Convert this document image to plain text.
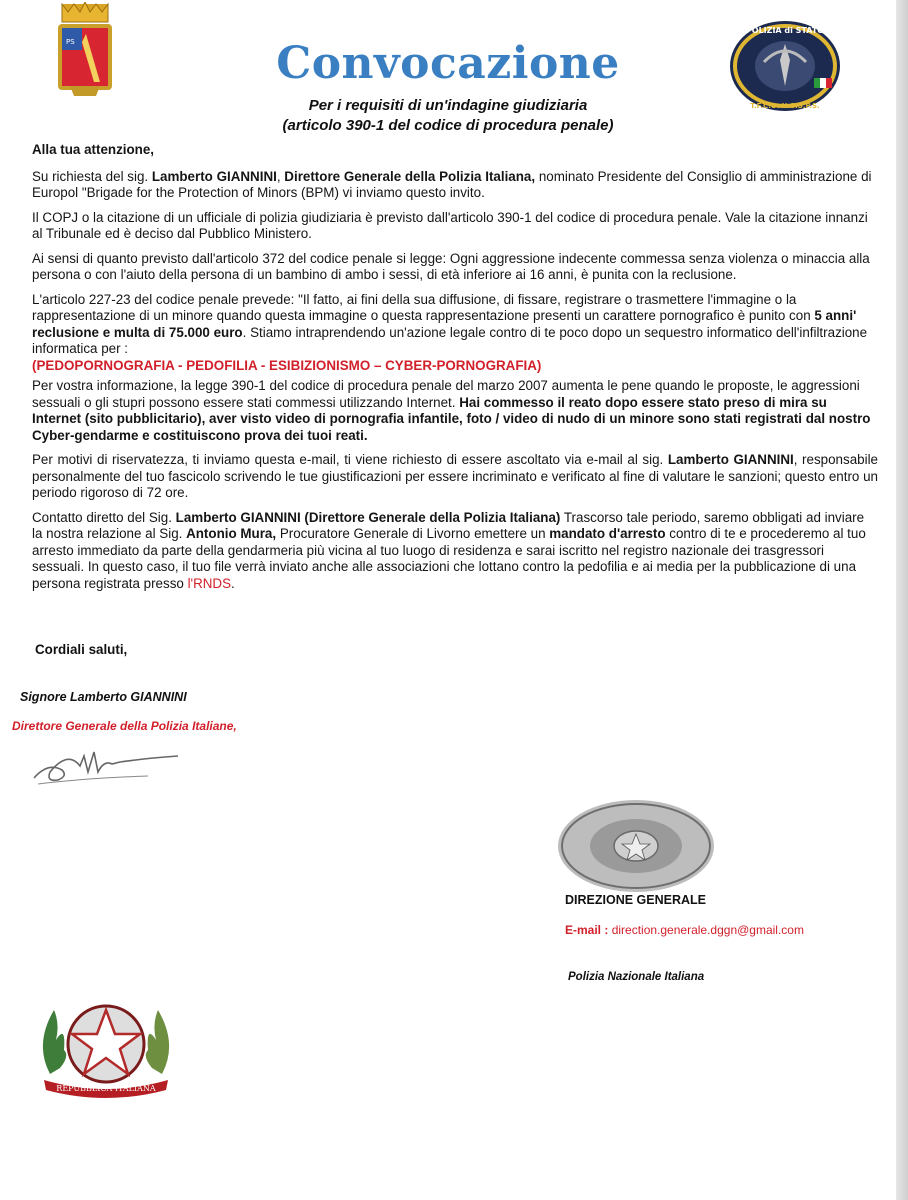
PS	Convocazione
Per i requisiti di un'indagine giudiziaria
(articolo 390-1 del codice di procedura penale)
POLIZIA di STATO
T.F.C.O. U.S.S.P.S.

Alla tua attenzione,

Su richiesta del sig. Lamberto GIANNINI, Direttore Generale della Polizia Italiana, nominato Presidente del Consiglio di amministrazione di Europol "Brigade for the Protection of Minors (BPM) vi inviamo questo invito.

Il COPJ o la citazione di un ufficiale di polizia giudiziaria è previsto dall'articolo 390-1 del codice di procedura penale. Vale la citazione innanzi al Tribunale ed è deciso dal Pubblico Ministero.

Ai sensi di quanto previsto dall'articolo 372 del codice penale si legge: Ogni aggressione indecente commessa senza violenza o minaccia alla persona o con l'aiuto della persona di un bambino di ambo i sessi, di età inferiore ai 16 anni, è punita con la reclusione.

L'articolo 227-23 del codice penale prevede: "Il fatto, ai fini della sua diffusione, di fissare, registrare o trasmettere l'immagine o la rappresentazione di un minore quando questa immagine o questa rappresentazione presenti un carattere pornografico è punito con 5 anni' reclusione e multa di 75.000 euro. Stiamo intraprendendo un'azione legale contro di te poco dopo un sequestro informatico dell'infiltrazione informatica per :
(PEDOPORNOGRAFIA - PEDOFILIA - ESIBIZIONISMO – CYBER-PORNOGRAFIA)

Per vostra informazione, la legge 390-1 del codice di procedura penale del marzo 2007 aumenta le pene quando le proposte, le aggressioni sessuali o gli stupri possono essere stati commessi utilizzando Internet. Hai commesso il reato dopo essere stato preso di mira su Internet (sito pubblicitario), aver visto video di pornografia infantile, foto / video di nudo di un minore sono stati registrati dal nostro Cyber-gendarme e costituiscono prova dei tuoi reati.

Per motivi di riservatezza, ti inviamo questa e-mail, ti viene richiesto di essere ascoltato via e-mail al sig. Lamberto GIANNINI, responsabile personalmente del tuo fascicolo scrivendo le tue giustificazioni per essere incriminato e verificato al fine di valutare le sanzioni; questo entro un periodo rigoroso di 72 ore.

Contatto diretto del Sig. Lamberto GIANNINI (Direttore Generale della Polizia Italiana) Trascorso tale periodo, saremo obbligati ad inviare la nostra relazione al Sig. Antonio Mura, Procuratore Generale di Livorno emettere un mandato d'arresto contro di te e procederemo al tuo arresto immediato da parte della gendarmeria più vicina al tuo luogo di residenza e sarai iscritto nel registro nazionale dei trasgressori sessuali. In questo caso, il tuo file verrà inviato anche alle associazioni che lottano contro la pedofilia e ai media per la pubblicazione di una persona registrata presso l'RNDS.

Cordiali saluti,
Signore Lamberto GIANNINI
Direttore Generale della Polizia Italiane,
DIREZIONE GENERALE
E-mail : direction.generale.dggn@gmail.com
Polizia Nazionale Italiana
REPUBBLICA ITALIANA
